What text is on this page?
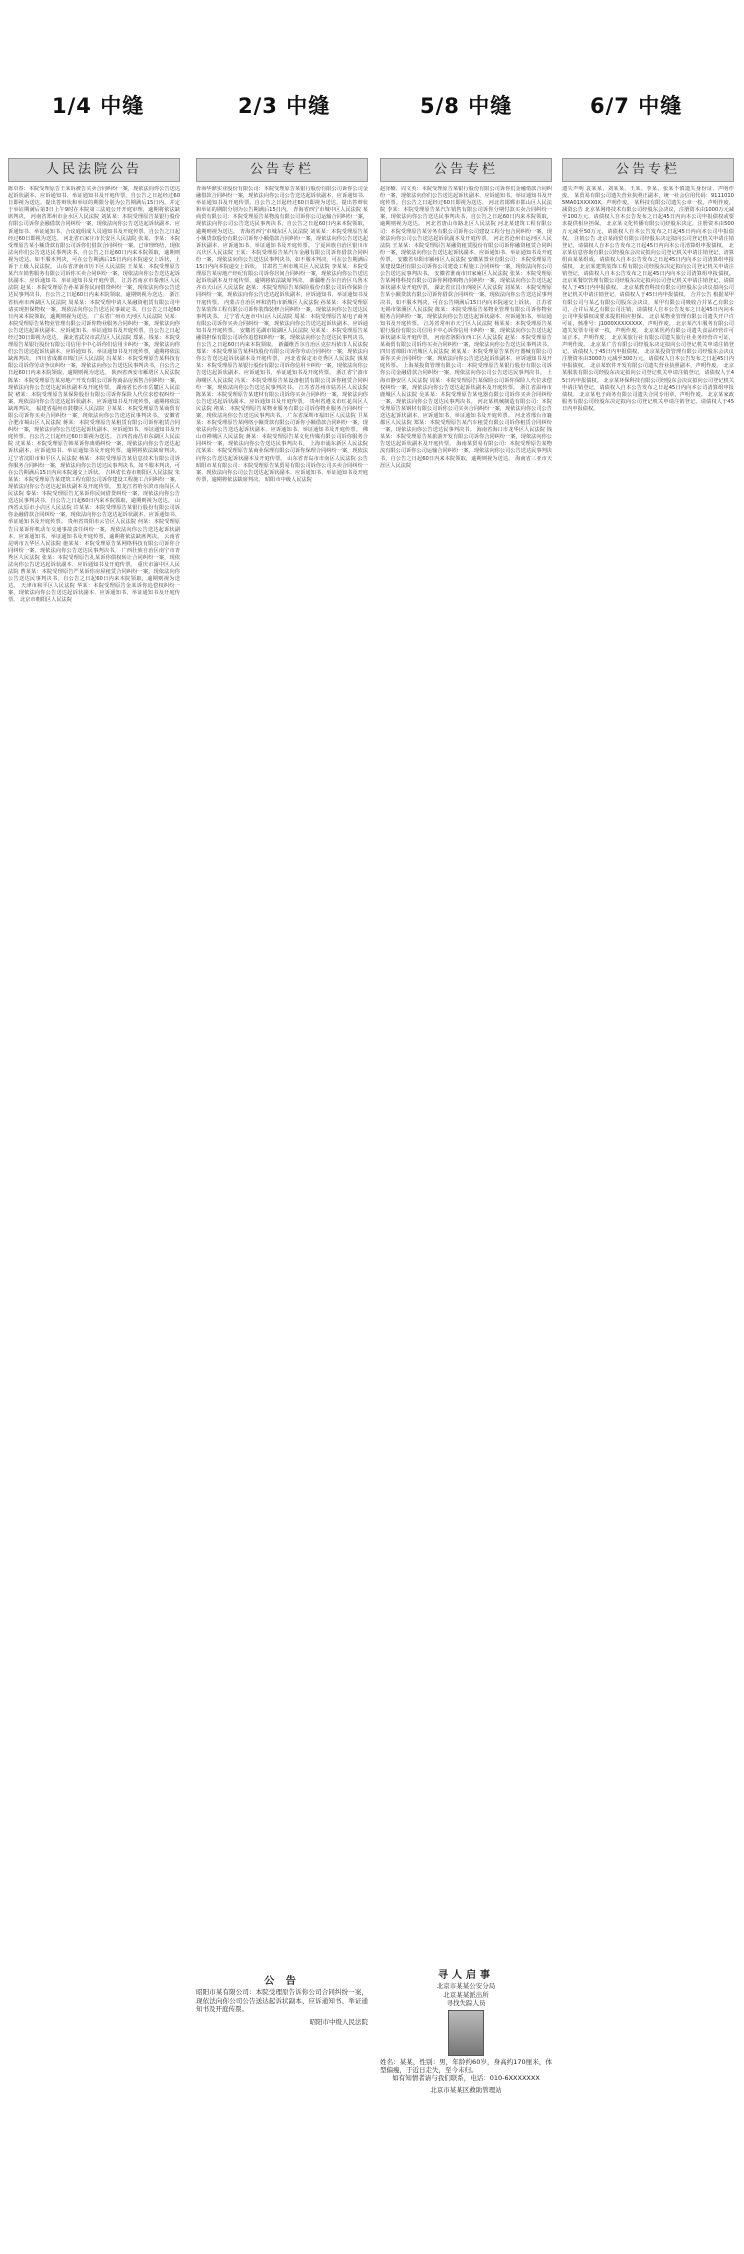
1/4 中缝	2/3 中缝	5/8 中缝	6/7 中缝
人民法院公告
陈卓春：本院受理原告王某诉被告买卖合同纠纷一案，现依法向你公告送达起诉状副本、应诉通知书、举证通知书及开庭传票。自公告之日起经过60日即视为送达。提出答辩状和举证的期限分别为公告期满后15日内，并定于举证期满后第3日上午9时在本院第三法庭公开开庭审理，逾期将依法缺席判决。 河南省郑州市金水区人民法院 刘某某：本院受理原告某银行股份有限公司诉你金融借款合同纠纷一案，现依法向你公告送达起诉状副本、应诉通知书、举证通知书、合议庭组成人员通知书及开庭传票。自公告之日起经过60日即视为送达。 河北省石家庄市长安区人民法院 张某、李某：本院受理原告某小额贷款有限公司诉你们借款合同纠纷一案，已审理终结，现依法向你们公告送达民事判决书，自公告之日起60日内来本院领取，逾期则视为送达。如不服本判决，可在公告期满后15日内向本院递交上诉状，上诉于上级人民法院。 山东省济南市历下区人民法院 王某某：本院受理原告某汽车销售服务有限公司诉你买卖合同纠纷一案，现依法向你公告送达起诉状副本、应诉通知书、举证通知书及开庭传票。 江苏省南京市秦淮区人民法院 赵某：本院受理原告孙某诉你民间借贷纠纷一案，现依法向你公告送达民事判决书，自公告之日起60日内来本院领取，逾期则视为送达。 浙江省杭州市西湖区人民法院 周某某：本院受理申请人某融资租赁有限公司申请实现担保物权一案，现依法向你公告送达民事裁定书，自公告之日起60日内来本院领取，逾期则视为送达。 广东省广州市天河区人民法院 吴某：本院受理原告某物业管理有限公司诉你物业服务合同纠纷一案，现依法向你公告送达起诉状副本、应诉通知书、举证通知书及开庭传票。自公告之日起经过30日即视为送达。 湖北省武汉市武昌区人民法院 郑某、钱某：本院受理原告某银行股份有限公司信用卡中心诉你们信用卡纠纷一案，现依法向你们公告送达起诉状副本、应诉通知书、举证通知书及开庭传票，逾期将依法缺席判决。 四川省成都市锦江区人民法院 冯某某：本院受理原告某科技有限公司诉你劳动争议纠纷一案，现依法向你公告送达民事判决书，自公告之日起60日内来本院领取，逾期则视为送达。 陕西省西安市雁塔区人民法院 陈某：本院受理原告某房地产开发有限公司诉你商品房预售合同纠纷一案，现依法向你公告送达起诉状副本及开庭传票。 湖南省长沙市岳麓区人民法院 褚某：本院受理原告某保险股份有限公司诉你保险人代位求偿权纠纷一案，现依法向你公告送达起诉状副本、应诉通知书及开庭传票，逾期将依法缺席判决。 福建省福州市鼓楼区人民法院 卫某某：本院受理原告某商贸有限公司诉你买卖合同纠纷一案，现依法向你公告送达民事判决书。 安徽省合肥市蜀山区人民法院 蒋某：本院受理原告某租赁有限公司诉你租赁合同纠纷一案，现依法向你公告送达起诉状副本、应诉通知书、举证通知书及开庭传票。自公告之日起经过60日即视为送达。 江西省南昌市东湖区人民法院 沈某某：本院受理原告韩某诉你离婚纠纷一案，现依法向你公告送达起诉状副本、应诉通知书、举证通知书及开庭传票，逾期将依法缺席判决。 辽宁省沈阳市和平区人民法院 杨某：本院受理原告某信息技术有限公司诉你服务合同纠纷一案，现依法向你公告送达民事判决书，如不服本判决，可在公告期满后15日内向本院递交上诉状。 吉林省长春市朝阳区人民法院 朱某某：本院受理原告某建筑工程有限公司诉你建设工程施工合同纠纷一案，现依法向你公告送达起诉状副本及开庭传票。 黑龙江省哈尔滨市南岗区人民法院 秦某：本院受理原告尤某诉你民间借贷纠纷一案，现依法向你公告送达民事判决书，自公告之日起60日内来本院领取，逾期则视为送达。 山西省太原市小店区人民法院 许某某：本院受理原告某银行股份有限公司诉你金融借款合同纠纷一案，现依法向你公告送达起诉状副本、应诉通知书、举证通知书及开庭传票。 贵州省贵阳市云岩区人民法院 何某：本院受理原告吕某诉你机动车交通事故责任纠纷一案，现依法向你公告送达起诉状副本、应诉通知书、举证通知书及开庭传票，逾期将依法缺席判决。 云南省昆明市五华区人民法院 施某某：本院受理原告某网络科技有限公司诉你合同纠纷一案，现依法向你公告送达民事判决书。 广西壮族自治区南宁市青秀区人民法院 张某：本院受理原告孔某诉你债权转让合同纠纷一案，现依法向你公告送达起诉状副本、应诉通知书及开庭传票。 重庆市渝中区人民法院 曹某某：本院受理原告严某诉你房屋租赁合同纠纷一案，现依法向你公告送达民事判决书，自公告之日起60日内来本院领取，逾期则视为送达。 天津市和平区人民法院 华某：本院受理原告金某诉你追偿权纠纷一案，现依法向你公告送达起诉状副本、应诉通知书、举证通知书及开庭传票。 北京市朝阳区人民法院
公告专栏
青海华鼎实业股份有限公司：本院受理原告某银行股份有限公司诉你公司金融借款合同纠纷一案，现依法向你公司公告送达起诉状副本、应诉通知书、举证通知书及开庭传票。自公告之日起经过60日即视为送达。提出答辩状和举证的期限分别为公告期满后15日内。 青海省西宁市城中区人民法院 某商贸有限公司：本院受理原告某物流有限公司诉你公司运输合同纠纷一案，现依法向你公司公告送达民事判决书，自公告之日起60日内来本院领取，逾期则视为送达。 青海省西宁市城东区人民法院 刘某某：本院受理原告某小额贷款股份有限公司诉你小额借款合同纠纷一案，现依法向你公告送达起诉状副本、应诉通知书、举证通知书及开庭传票。 宁夏回族自治区银川市兴庆区人民法院 王某：本院受理原告某汽车金融有限公司诉你借款合同纠纷一案，现依法向你公告送达民事判决书，如不服本判决，可在公告期满后15日内向本院递交上诉状。 甘肃省兰州市城关区人民法院 李某某：本院受理原告某房地产经纪有限公司诉你居间合同纠纷一案，现依法向你公告送达起诉状副本及开庭传票，逾期将依法缺席判决。 新疆维吾尔自治区乌鲁木齐市天山区人民法院 赵某：本院受理原告某保险股份有限公司诉你保险合同纠纷一案，现依法向你公告送达起诉状副本、应诉通知书、举证通知书及开庭传票。 内蒙古自治区呼和浩特市新城区人民法院 孙某某：本院受理原告某装饰工程有限公司诉你装饰装修合同纠纷一案，现依法向你公告送达民事判决书。 辽宁省大连市中山区人民法院 周某：本院受理原告某电子商务有限公司诉你买卖合同纠纷一案，现依法向你公告送达起诉状副本、应诉通知书及开庭传票。 安徽省芜湖市镜湖区人民法院 吴某某：本院受理原告某融资担保有限公司诉你追偿权纠纷一案，现依法向你公告送达民事判决书，自公告之日起60日内来本院领取。 新疆维吾尔自治区克拉玛依市人民法院 郑某：本院受理原告某科技股份有限公司诉你劳动合同纠纷一案，现依法向你公告送达起诉状副本及开庭传票。 河北省保定市竞秀区人民法院 钱某某：本院受理原告某银行股份有限公司诉你信用卡纠纷一案，现依法向你公告送达起诉状副本、应诉通知书、举证通知书及开庭传票。 浙江省宁波市海曙区人民法院 冯某：本院受理原告某设备租赁有限公司诉你租赁合同纠纷一案，现依法向你公告送达民事判决书。 江苏省苏州市姑苏区人民法院 陈某某：本院受理原告某建材有限公司诉你买卖合同纠纷一案，现依法向你公告送达起诉状副本、应诉通知书及开庭传票。 贵州省遵义市红花岗区人民法院 褚某：本院受理原告某物业服务有限公司诉你物业服务合同纠纷一案，现依法向你公告送达民事判决书。 广东省深圳市福田区人民法院 卫某某：本院受理原告某网络小额贷款有限公司诉你小额借款合同纠纷一案，现依法向你公告送达起诉状副本、应诉通知书、举证通知书及开庭传票。 佛山市禅城区人民法院 蒋某：本院受理原告某文化传媒有限公司诉你服务合同纠纷一案，现依法向你公告送达民事判决书。 上海市浦东新区人民法院 沈某某：本院受理原告某商业保理有限公司诉你保理合同纠纷一案，现依法向你公告送达起诉状副本及开庭传票。 山东省青岛市市南区人民法院 公告 昭阳市某有限公司：本院受理原告某贸易有限公司诉你公司买卖合同纠纷一案，现依法向你公司公告送达起诉状副本、应诉通知书、举证通知书及开庭传票，逾期将依法缺席判决。 昭阳市中级人民法院
公 告
昭阳市某有限公司：本院受理原告诉你公司合同纠纷一案，现依法向你公司公告送达起诉状副本、应诉通知书、举证通知书及开庭传票。
昭阳市中级人民法院
公告专栏
赵泽楠、周文英：本院受理原告某银行股份有限公司诉你们金融借款合同纠纷一案，现依法向你们公告送达起诉状副本、应诉通知书、举证通知书及开庭传票。自公告之日起经过60日即视为送达。 河北省邯郸市邯山区人民法院 李某：本院受理原告某汽车销售有限公司诉你分期付款买卖合同纠纷一案，现依法向你公告送达民事判决书，自公告之日起60日内来本院领取，逾期则视为送达。 河北省唐山市路北区人民法院 河北某建筑工程有限公司：本院受理原告某劳务有限公司诉你公司建设工程分包合同纠纷一案，现依法向你公司公告送达起诉状副本及开庭传票。 河北省沧州市运河区人民法院 王某某：本院受理原告某融资租赁股份有限公司诉你融资租赁合同纠纷一案，现依法向你公告送达起诉状副本、应诉通知书、举证通知书及开庭传票。 安徽省阜阳市颍州区人民法院 安徽某置业有限公司：本院受理原告某建设集团有限公司诉你公司建设工程施工合同纠纷一案，现依法向你公司公告送达民事判决书。 安徽省淮南市田家庵区人民法院 张某：本院受理原告某网络科技有限公司诉你网络购物合同纠纷一案，现依法向你公告送达起诉状副本及开庭传票。 湖北省宜昌市西陵区人民法院 刘某某：本院受理原告某小额贷款有限公司诉你借款合同纠纷一案，现依法向你公告送达民事判决书，如不服本判决，可在公告期满后15日内向本院递交上诉状。 江苏省无锡市梁溪区人民法院 陈某：本院受理原告某物业管理有限公司诉你物业服务合同纠纷一案，现依法向你公告送达起诉状副本、应诉通知书、举证通知书及开庭传票。 江苏省常州市天宁区人民法院 杨某某：本院受理原告某银行股份有限公司信用卡中心诉你信用卡纠纷一案，现依法向你公告送达起诉状副本及开庭传票。 河南省洛阳市西工区人民法院 赵某：本院受理原告某商贸有限公司诉你买卖合同纠纷一案，现依法向你公告送达民事判决书。 四川省绵阳市涪城区人民法院 黄某某：本院受理原告某医疗器械有限公司诉你买卖合同纠纷一案，现依法向你公告送达起诉状副本、应诉通知书及开庭传票。 上海某投资管理有限公司：本院受理原告某银行股份有限公司诉你公司金融借款合同纠纷一案，现依法向你公司公告送达民事判决书。 上海市静安区人民法院 周某：本院受理原告某保险公司诉你保险人代位求偿权纠纷一案，现依法向你公告送达起诉状副本及开庭传票。 浙江省温州市鹿城区人民法院 吴某某：本院受理原告某电器有限公司诉你买卖合同纠纷一案，现依法向你公告送达民事判决书。 河北某机械制造有限公司：本院受理原告某钢材有限公司诉你公司买卖合同纠纷一案，现依法向你公司公告送达起诉状副本、应诉通知书、举证通知书及开庭传票。 河北省邢台市襄都区人民法院 郑某：本院受理原告某汽车租赁有限公司诉你租赁合同纠纷一案，现依法向你公告送达民事判决书。 海南省海口市龙华区人民法院 钱某某：本院受理原告某旅游开发有限公司诉你合同纠纷一案，现依法向你公告送达起诉状副本及开庭传票。 海南某贸易有限公司：本院受理原告某物流有限公司诉你公司运输合同纠纷一案，现依法向你公司公告送达民事判决书，自公告之日起60日内来本院领取，逾期则视为送达。 海南省三亚市天涯区人民法院
寻人启事
北京市某某公安分局
北京某某派出所
寻找失踪人员
姓名：某某，性别：男，年龄约60岁，身高约170厘米，体型偏瘦，于近日走失，至今未归。
如有知情者请与我们联系，电话：010-6XXXXXXX
北京市某某区救助管理站
公告专栏
遗失声明 袁某某、刘某某、王某、李某、张某不慎遗失身份证，声明作废。 某贸易有限公司遗失营业执照正副本，统一社会信用代码：91110105MA01XXXX0X，声明作废。 某科技有限公司遗失公章一枚，声明作废。 减资公告 北京某网络技术有限公司经股东会决议，注册资本由1000万元减至100万元，请债权人自本公告发布之日起45日内向本公司申报债权或要求提供相应担保。 北京某文化传播有限公司经股东决定，注册资本由500万元减至50万元，请债权人自本公告发布之日起45日内向本公司申报债权。 注销公告 北京某商贸有限公司经股东决定拟向公司登记机关申请注销登记，请债权人自本公告发布之日起45日内向本公司清算组申报债权。 北京某信息咨询有限公司经股东会决议拟向公司登记机关申请注销登记，清算组由某某组成，请债权人自本公告发布之日起45日内向本公司清算组申报债权。 北京某建筑装饰工程有限公司经股东决定拟向公司登记机关申请注销登记，请债权人自本公告发布之日起45日内向本公司清算组申报债权。 北京某餐饮管理有限公司经股东决定拟向公司登记机关申请注销登记，请债权人于45日内申报债权。 北京某教育科技有限公司经股东会决议拟向公司登记机关申请注销登记，请债权人于45日内申报债权。 合并公告 根据某甲有限公司与某乙有限公司股东会决议，某甲有限公司吸收合并某乙有限公司，合并后某乙有限公司注销，请债权人自本公告发布之日起45日内向本公司申报债权或要求提供相应担保。 北京某物业管理有限公司遗失开户许可证，核准号：J1000XXXXXXXX，声明作废。 北京某汽车服务有限公司遗失发票专用章一枚，声明作废。 北京某医药有限公司遗失食品经营许可证正本，声明作废。 北京某旅行社有限公司遗失旅行社业务经营许可证，声明作废。 北京某广告有限公司经股东决定拟向公司登记机关申请注销登记，请债权人于45日内申报债权。 北京某投资管理有限公司经股东会决议注册资本由3000万元减至300万元，请债权人自本公告发布之日起45日内申报债权。 北京某软件开发有限公司遗失营业执照副本，声明作废。 北京某服装有限公司经股东决定拟向公司登记机关申请注销登记，请债权人于45日内申报债权。 北京某环保科技有限公司经股东会决议拟向公司登记机关申请注销登记，请债权人自本公告发布之日起45日内向本公司清算组申报债权。 北京某电子商务有限公司遗失合同专用章，声明作废。 北京某家政服务有限公司经股东决定拟向公司登记机关申请注销登记，请债权人于45日内申报债权。
